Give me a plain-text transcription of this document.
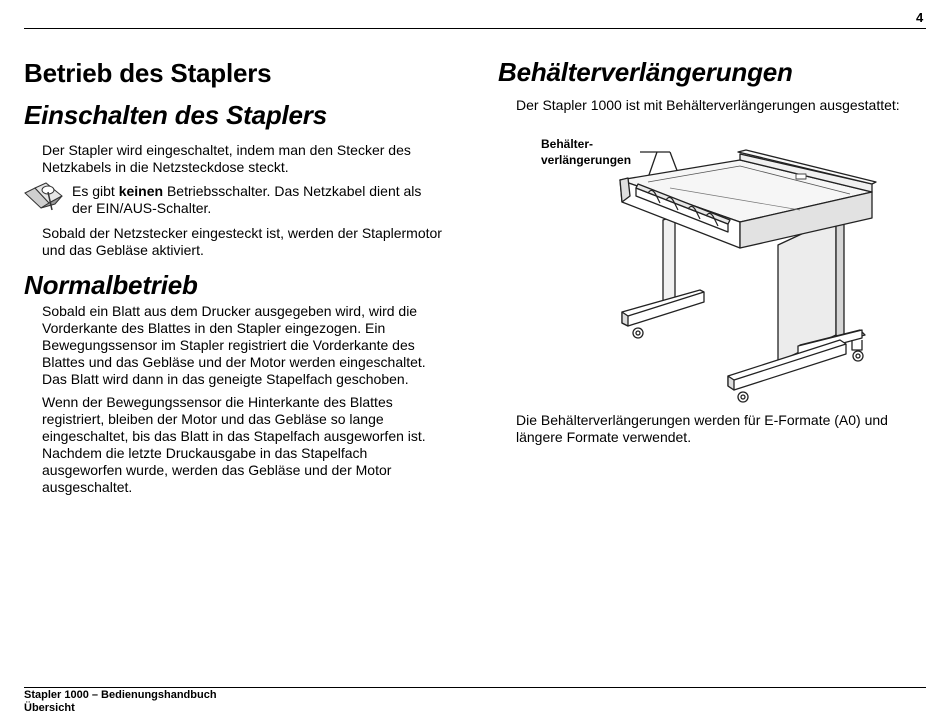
4
Betrieb des Staplers
Einschalten des Staplers
Der Stapler wird eingeschaltet, indem man den Stecker des Netzkabels in die Netzsteckdose steckt.
Es gibt keinen Betriebsschalter. Das Netzkabel dient als der EIN/AUS-Schalter.
Sobald der Netzstecker eingesteckt ist, werden der Staplermotor und das Gebläse aktiviert.
Normalbetrieb
Sobald ein Blatt aus dem Drucker ausgegeben wird, wird die Vorderkante des Blattes in den Stapler eingezogen. Ein Bewegungssensor im Stapler registriert die Vorderkante des Blattes und das Gebläse und der Motor werden eingeschaltet. Das Blatt wird dann in das geneigte Stapelfach geschoben.
Wenn der Bewegungssensor die Hinterkante des Blattes registriert, bleiben der Motor und das Gebläse so lange eingeschaltet, bis das Blatt in das Stapelfach ausgeworfen ist. Nachdem die letzte Druckausgabe in das Stapelfach ausgeworfen wurde, werden das Gebläse und der Motor ausgeschaltet.
Behälterverlängerungen
Der Stapler 1000 ist mit Behälterverlängerungen ausgestattet:
Behälter-
verlängerungen
Die Behälterverlängerungen werden für E-Formate (A0) und längere Formate verwendet.
Stapler 1000 – Bedienungshandbuch
Übersicht
